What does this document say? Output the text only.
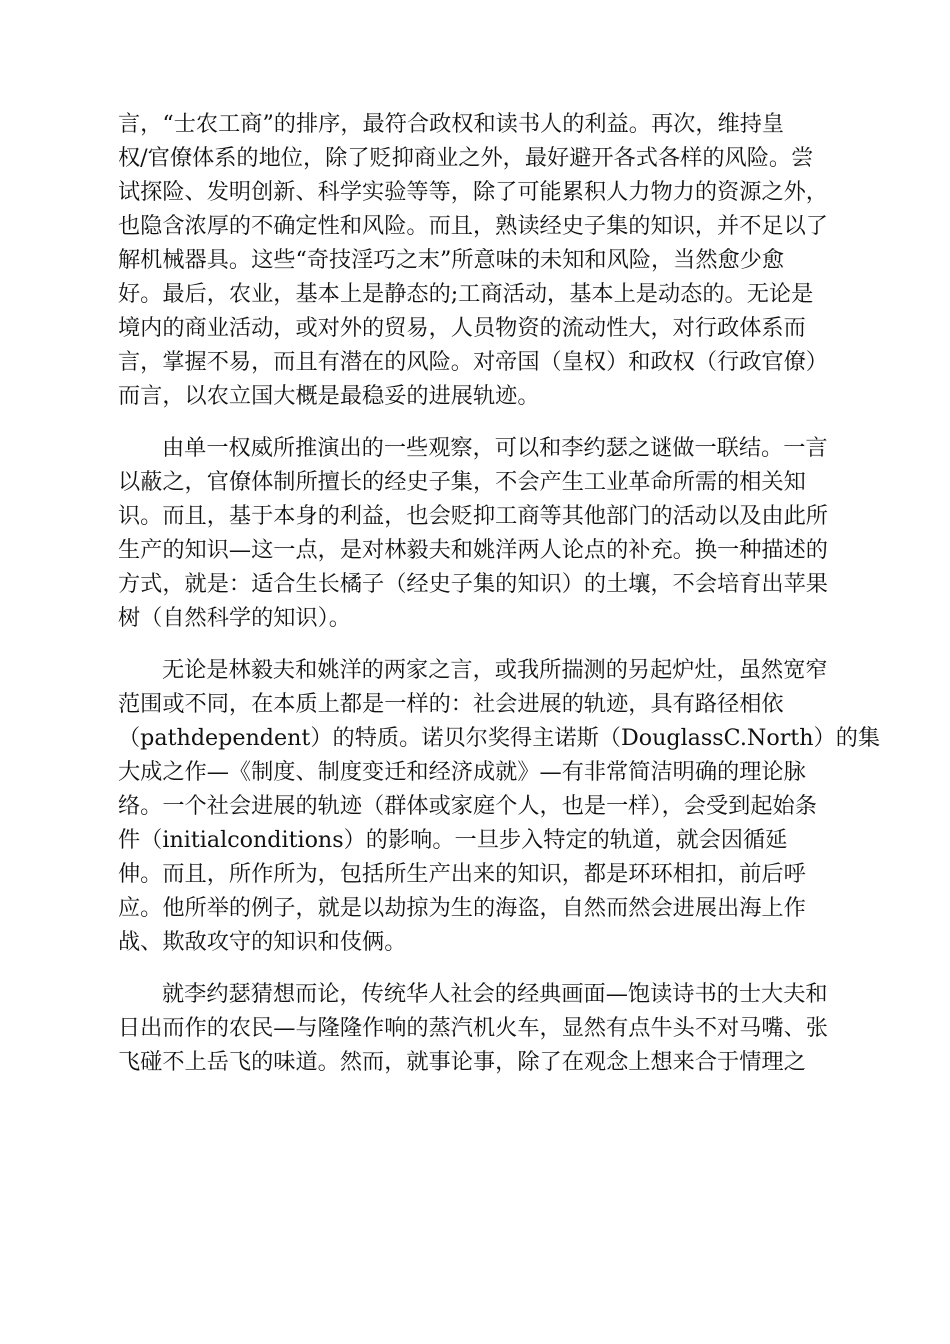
言，“士农工商”的排序，最符合政权和读书人的利益。再次，维持皇
权/官僚体系的地位，除了贬抑商业之外，最好避开各式各样的风险。尝
试探险、发明创新、科学实验等等，除了可能累积人力物力的资源之外，
也隐含浓厚的不确定性和风险。而且，熟读经史子集的知识，并不足以了
解机械器具。这些“奇技淫巧之末”所意味的未知和风险，当然愈少愈
好。最后，农业，基本上是静态的;工商活动，基本上是动态的。无论是
境内的商业活动，或对外的贸易，人员物资的流动性大，对行政体系而
言，掌握不易，而且有潜在的风险。对帝国（皇权）和政权（行政官僚）
而言，以农立国大概是最稳妥的进展轨迹。
由单一权威所推演出的一些观察，可以和李约瑟之谜做一联结。一言
以蔽之，官僚体制所擅长的经史子集，不会产生工业革命所需的相关知
识。而且，基于本身的利益，也会贬抑工商等其他部门的活动以及由此所
生产的知识—这一点，是对林毅夫和姚洋两人论点的补充。换一种描述的
方式，就是：适合生长橘子（经史子集的知识）的土壤，不会培育出苹果
树（自然科学的知识）。
无论是林毅夫和姚洋的两家之言，或我所揣测的另起炉灶，虽然宽窄
范围或不同，在本质上都是一样的：社会进展的轨迹，具有路径相依
（pathdependent）的特质。诺贝尔奖得主诺斯（DouglassC.North）的集
大成之作—《制度、制度变迁和经济成就》—有非常简洁明确的理论脉
络。一个社会进展的轨迹（群体或家庭个人，也是一样），会受到起始条
件（initialconditions）的影响。一旦步入特定的轨道，就会因循延
伸。而且，所作所为，包括所生产出来的知识，都是环环相扣，前后呼
应。他所举的例子，就是以劫掠为生的海盗，自然而然会进展出海上作
战、欺敌攻守的知识和伎俩。
就李约瑟猜想而论，传统华人社会的经典画面—饱读诗书的士大夫和
日出而作的农民—与隆隆作响的蒸汽机火车，显然有点牛头不对马嘴、张
飞碰不上岳飞的味道。然而，就事论事，除了在观念上想来合于情理之
